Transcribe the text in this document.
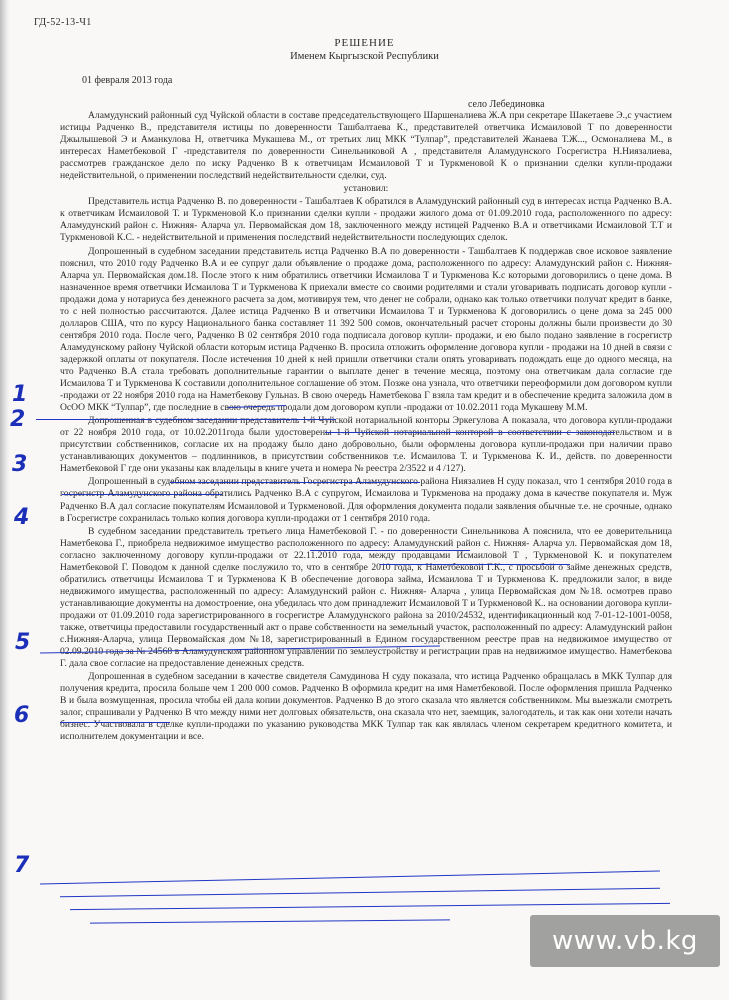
ГД-52-13-Ч1
РЕШЕНИЕ
Именем Кыргызской Республики
01 февраля 2013 года
село Лебединовка

Аламудунский районный суд Чуйской области в составе председательствующего Шаршеналиева Ж.А при секретаре Шакетаеве Э.,с участием истицы Радченко В., представителя истицы по доверенности Ташбалтаева К., представителей ответчика Исмаиловой Т по доверенности Джылышевой Э и Аманкулова Н, ответчика Мукашева М., от третьих лиц МКК “Тулпар”, представителей Жанаева Т.Ж..., Осмоналиева М., в интересах Наметбековой Г -представителя по доверенности Синельниковой А , представителя Аламудунского Госрегистра Н.Ниязалиева, рассмотрев гражданское дело по иску Радченко В к ответчицам Исмаиловой Т и Туркменовой К о признании сделки купли-продажи недействительной, о применении последствий недействительности сделки, суд.

установил:

Представитель истца Радченко В. по доверенности - Ташбалтаев К обратился в Аламудунский районный суд в интересах истца Радченко В.А. к ответчикам Исмаиловой Т. и Туркменовой К.о признании сделки купли - продажи жилого дома от 01.09.2010 года, расположенного по адресу: Аламудунский район с. Нижняя- Аларча ул. Первомайская дом 18, заключенного между истицей Радченко В.А и ответчиками Исмаиловой Т.Т и Туркменовой К.С. - недействительной и применения последствий недействительности последующих сделок.

Допрошенный в судебном заседании представитель истца Радченко В.А по доверенности - Ташбалтаев К поддержав свое исковое заявление пояснил, что 2010 году Радченко В.А и ее супруг дали объявление о продаже дома, расположенного по адресу: Аламудунский район с. Нижняя-Аларча ул. Первомайская дом.18. После этого к ним обратились ответчики Исмаилова Т и Туркменова К.с которыми договорились о цене дома. В назначенное время ответчики Исмаилова Т и Туркменова К приехали вместе со своими родителями и стали уговаривать подписать договор купли - продажи дома у нотариуса без денежного расчета за дом, мотивируя тем, что денег не собрали, однако как только ответчики получат кредит в банке, то с ней полностью рассчитаются. Далее истица Радченко В и ответчики Исмаилова Т и Туркменова К договорились о цене дома за 245 000 долларов США, что по курсу Национального банка составляет 11 392 500 сомов, окончательный расчет стороны должны были произвести до 30 сентября 2010 года. После чего, Радченко В 02 сентября 2010 года подписала договор купли- продажи, и ею было подано заявление в госрегистр Аламудунскому району Чуйской области которым истица Радченко В. просила отложить оформление договора купли - продажи на 10 дней в связи с задержкой оплаты от покупателя. После истечения 10 дней к ней пришли ответчики стали опять уговаривать подождать еще до одного месяца, на что Радченко В.А стала требовать дополнительные гарантии о выплате денег в течение месяца, поэтому она ответчикам дала согласие где Исмаилова Т и Туркменова К составили дополнительное соглашение об этом. Позже она узнала, что ответчики переоформили дом договором купли -продажи от 22 ноября 2010 года на Наметбекову Гульназ. В свою очередь Наметбекова Г взяла там кредит и в обеспечение кредита заложила дом в ОсОО МКК “Тулпар”, где последние в свою очередь продали дом договором купли -продажи от 10.02.2011 года Мукашеву М.М.

Допрошенная в судебном заседании представитель 1-й Чуйской нотариальной конторы Эркегулова А показала, что договора купли-продажи от 22 ноября 2010 года, от 10.02.2011года были удостоверены 1-й Чуйской нотариальной конторой в соответствии с законодательством и в присутствии собственников, согласие их на продажу было дано добровольно, были оформлены договора купли-продажи при наличии право устанавливающих документов – подлинников, в присутствии собственников т.е. Исмаилова Т. и Туркменова К. И., действ. по доверенности Наметбековой Г где они указаны как владельцы в книге учета и номера № реестра 2/3522 и 4 /127).

Допрошенный в судебном заседании представитель Госрегистра Аламудунского района Ниязалиев Н суду показал, что 1 сентября 2010 года в госрегистр Аламудунского района обратились Радченко В.А с супругом, Исмаилова и Туркменова на продажу дома в качестве покупателя и. Муж Радченко В.А дал согласие покупателям Исмаиловой и Туркменовой. Для оформления документа подали заявления обычные т.е. не срочные, однако в Госрегистре сохранилась только копия договора купли-продажи от 1 сентября 2010 года.

В судебном заседании представитель третьего лица Наметбековой Г. - по доверенности Синельникова А пояснила, что ее доверительница Наметбекова Г., приобрела недвижимое имущество расположенного по адресу: Аламудунский район с. Нижняя- Аларча ул. Первомайская дом 18, согласно заключенному договору купли-продажи от 22.11.2010 года, между продавцами Исмаиловой Т , Туркменовой К. и покупателем Наметбековой Г. Поводом к данной сделке послужило то, что в сентябре 2010 года, к Наметбековой Г.К., с просьбой о займе денежных средств, обратились ответчицы Исмаилова Т и Туркменова К В обеспечение договора займа, Исмаилова Т и Туркменова К. предложили залог, в виде недвижимого имущества, расположенный по адресу: Аламудунский район с. Нижняя- Аларча , улица Первомайская дом №18. осмотрев право устанавливающие документы на домостроение, она убедилась что дом принадлежит Исмаиловой Т и Туркменовой К.. на основании договора купли-продажи от 01.09.2010 года зарегистрированного в госрегистре Аламудунского района за 2010/24532, идентификационный код 7-01-12-1001-0058, также, ответчицы предоставили государственный акт о праве собственности на земельный участок, расположенный по адресу: Аламудунский район с.Нижняя-Аларча, улица Первомайская дом №18, зарегистрированный в Едином государственном реестре прав на недвижимое имущество от 02.09.2010 года за № 24568 в Аламудунском районном управлении по землеустройству и регистрации прав на недвижимое имущество. Наметбекова Г. дала свое согласие на предоставление денежных средств.

Допрошенная в судебном заседании в качестве свидетеля Самудинова Н суду показала, что истица Радченко обращалась в МКК Тулпар для получения кредита, просила больше чем 1 200 000 сомов. Радченко В оформила кредит на имя Наметбековой. После оформления пришла Радченко В и была возмущенная, просила чтобы ей дала копии документов. Радченко В до этого сказала что является собственником. Мы выезжали смотреть залог, спрашивали у Радченко В что между ними нет долговых обязательств, она сказала что нет, заемщик, залогодатель, и так как они хотели начать бизнес. Участвовала в сделке купли-продажи по указанию руководства МКК Тулпар так как являлась членом секретарем кредитного комитета, и исполнителем документации и все.

1
2
3
4
5
6
7
www.vb.kg
